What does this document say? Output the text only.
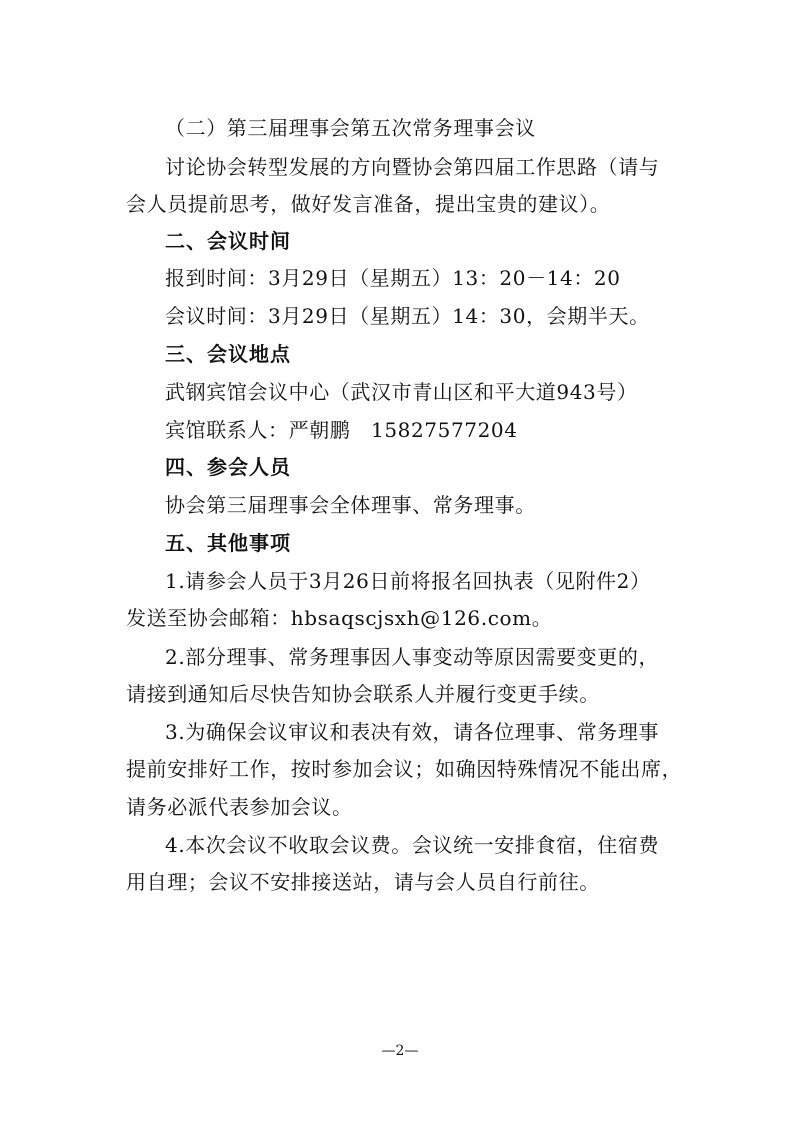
（二）第三届理事会第五次常务理事会议
讨论协会转型发展的方向暨协会第四届工作思路（请与
会人员提前思考，做好发言准备，提出宝贵的建议）。
二、会议时间
报到时间：3月29日（星期五）13：20－14：20
会议时间：3月29日（星期五）14：30，会期半天。
三、会议地点
武钢宾馆会议中心（武汉市青山区和平大道943号）
宾馆联系人：严朝鹏　15827577204
四、参会人员
协会第三届理事会全体理事、常务理事。
五、其他事项
1.请参会人员于3月26日前将报名回执表（见附件2）
发送至协会邮箱：hbsaqscjsxh@126.com。
2.部分理事、常务理事因人事变动等原因需要变更的，
请接到通知后尽快告知协会联系人并履行变更手续。
3.为确保会议审议和表决有效，请各位理事、常务理事
提前安排好工作，按时参加会议；如确因特殊情况不能出席，
请务必派代表参加会议。
4.本次会议不收取会议费。会议统一安排食宿，住宿费
用自理；会议不安排接送站，请与会人员自行前往。
—2—
